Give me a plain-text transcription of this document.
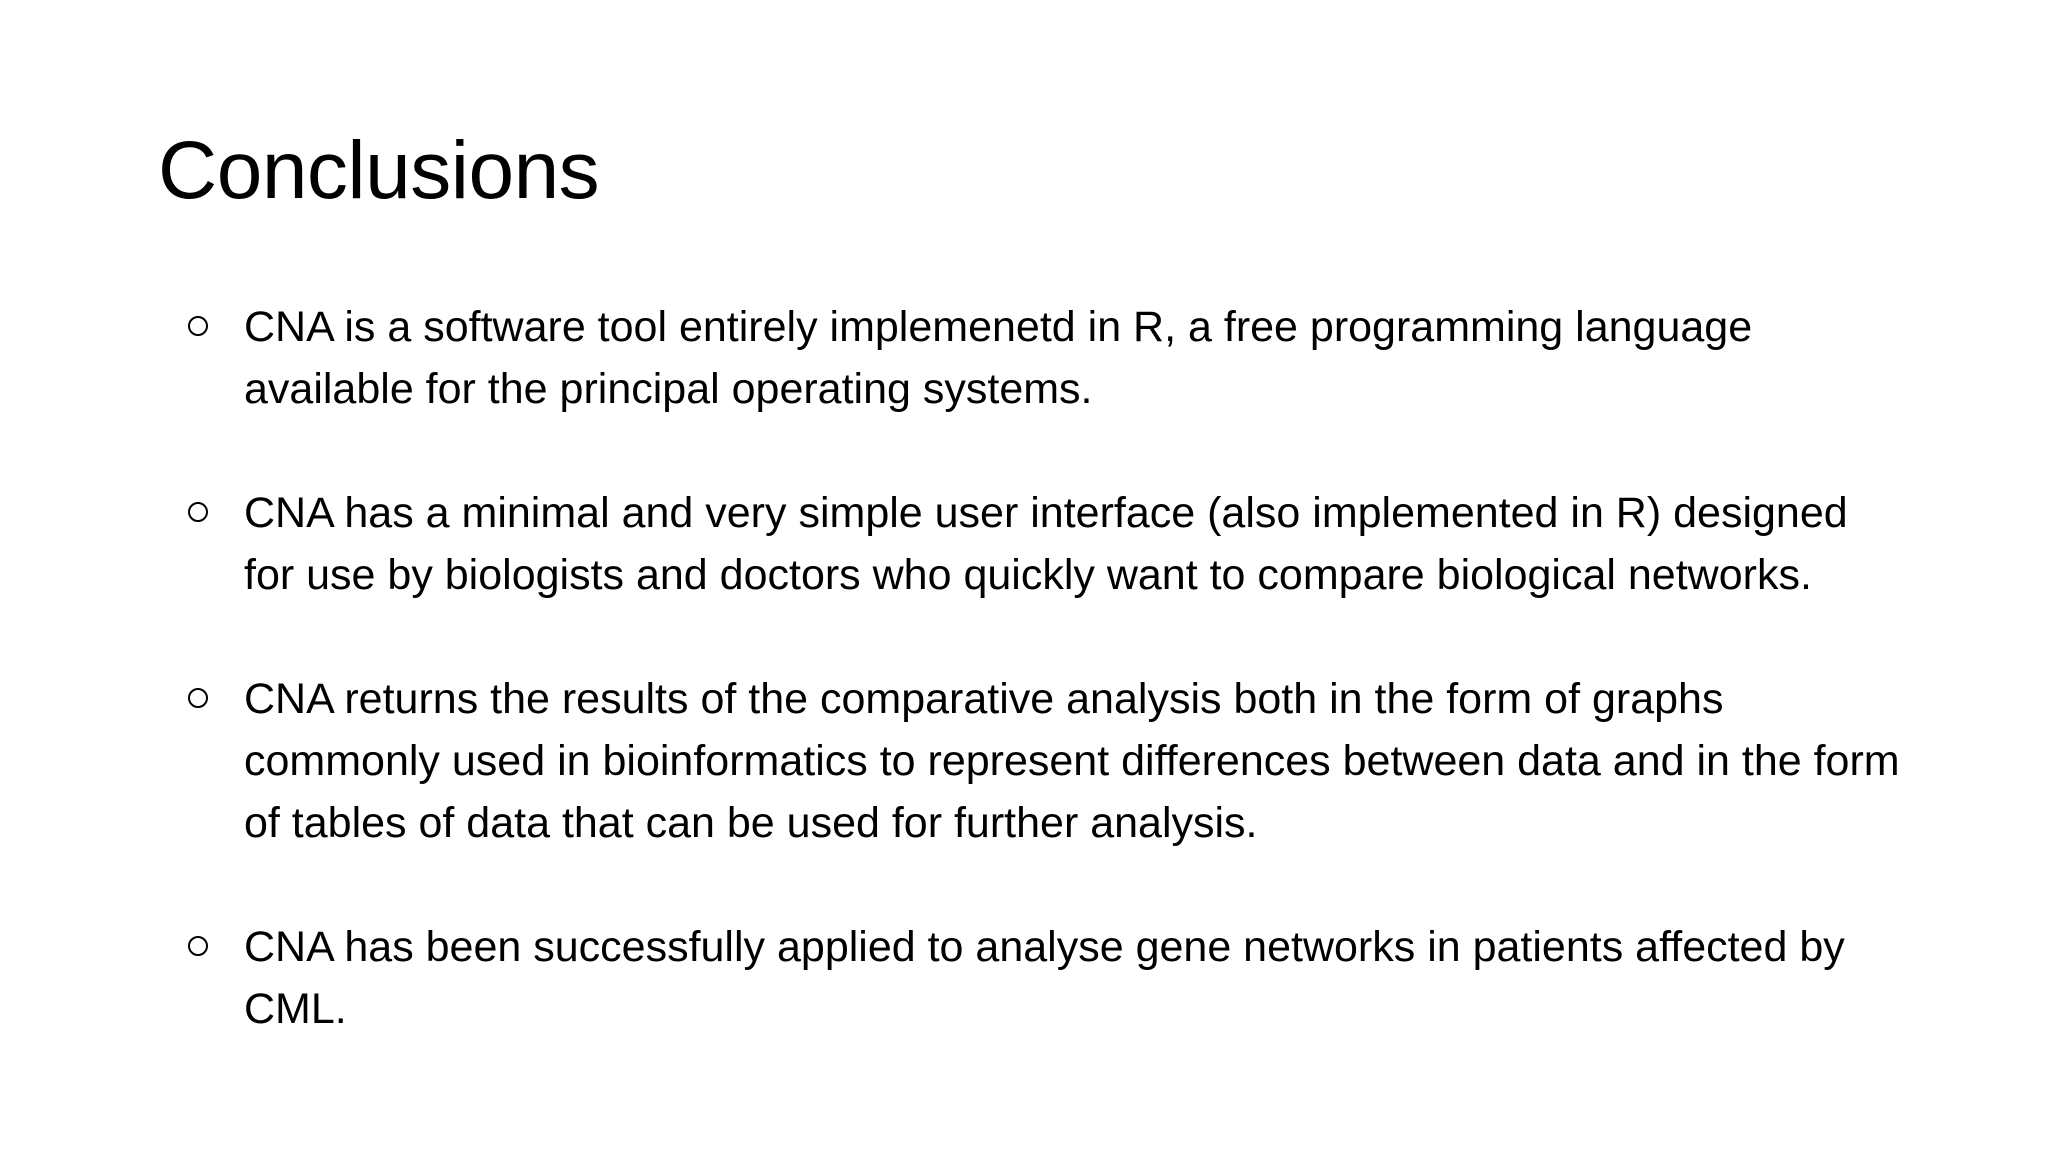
Conclusions
CNA is a software tool entirely implemenetd in R, a free programming language available for the principal operating systems.
CNA has a minimal and very simple user interface (also implemented in R) designed for use by biologists and doctors who quickly want to compare biological networks.
CNA returns the results of the comparative analysis both in the form of graphs commonly used in bioinformatics to represent differences between data and in the form of tables of data that can be used for further analysis.
CNA has been successfully applied to analyse gene networks in patients affected by CML.
